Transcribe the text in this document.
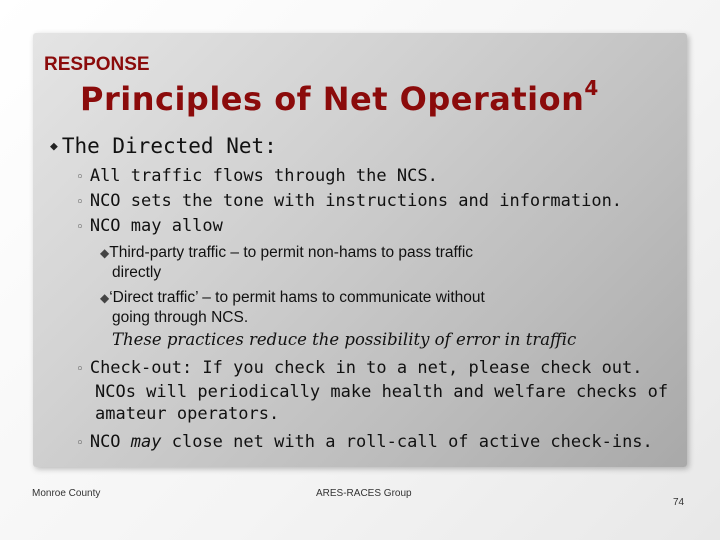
RESPONSE
Principles of Net Operation$^4$
◆ The Directed Net:
◦ All traffic flows through the NCS.
◦ NCO sets the tone with instructions and information.
◦ NCO may allow
◆Third-party traffic – to permit non-hams to pass traffic
directly
◆‘Direct traffic’ – to permit hams to communicate without
going through NCS.
These practices reduce the possibility of error in traffic
◦ Check-out: If you check in to a net, please check out.
NCOs will periodically make health and welfare checks of
amateur operators.
◦ NCO may close net with a roll-call of active check-ins.
Monroe County	ARES-RACES Group
74
